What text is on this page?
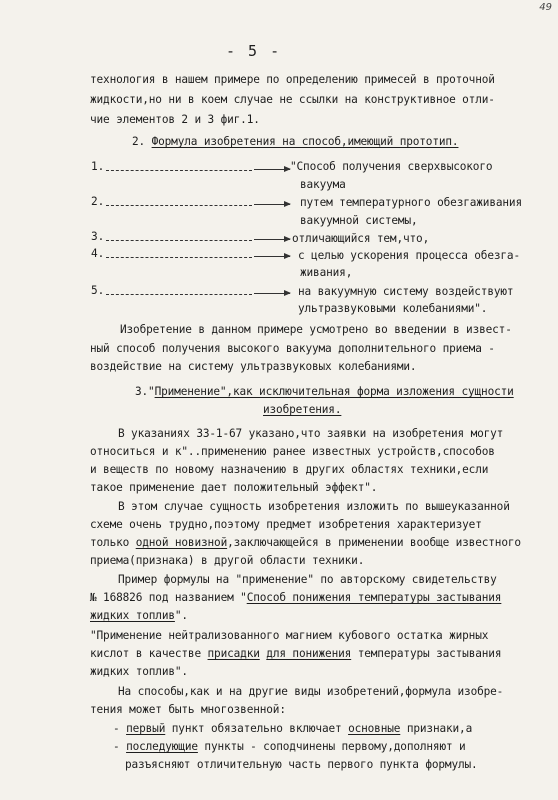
49
- 5 -
технология в нашем примере по определению примесей в проточной
жидкости,но ни в коем случае не ссылки на конструктивное отли-
чие элементов 2 и 3 фиг.1.
2. Формула изобретения на способ,имеющий прототип.
1.	"Способ получения сверхвысокого
вакуума
2.	путем температурного обезгаживания
вакуумной системы,
3.	отличающийся тем,что,
4.	с целью ускорения процесса обезга-
живания,
5.	на вакуумную систему воздействуют
ультразвуковыми колебаниями".
Изобретение в данном примере усмотрено во введении в извест-
ный способ получения высокого вакуума дополнительного приема -
воздействие на систему ультразвуковых колебаниями.
3."Применение",как исключительная форма изложения сущности
изобретения.
В указаниях ЗЗ-1-67 указано,что заявки на изобретения могут
относиться и к"..применению ранее известных устройств,способов
и веществ по новому назначению в других областях техники,если
такое применение дает положительный эффект".
В этом случае сущность изобретения изложить по вышеуказанной
схеме очень трудно,поэтому предмет изобретения характеризует
только одной новизной,заключающейся в применении вообще известного
приема(признака) в другой области техники.
Пример формулы на "применение" по авторскому свидетельству
№ 168826 под названием "Способ понижения температуры застывания
жидких топлив".
"Применение нейтрализованного магнием кубового остатка жирных
кислот в качестве присадки для понижения температуры застывания
жидких топлив".
На способы,как и на другие виды изобретений,формула изобре-
тения может быть многозвенной:
- первый пункт обязательно включает основные признаки,а
- последующие пункты - соподчинены первому,дополняют и
разъясняют отличительную часть первого пункта формулы.
